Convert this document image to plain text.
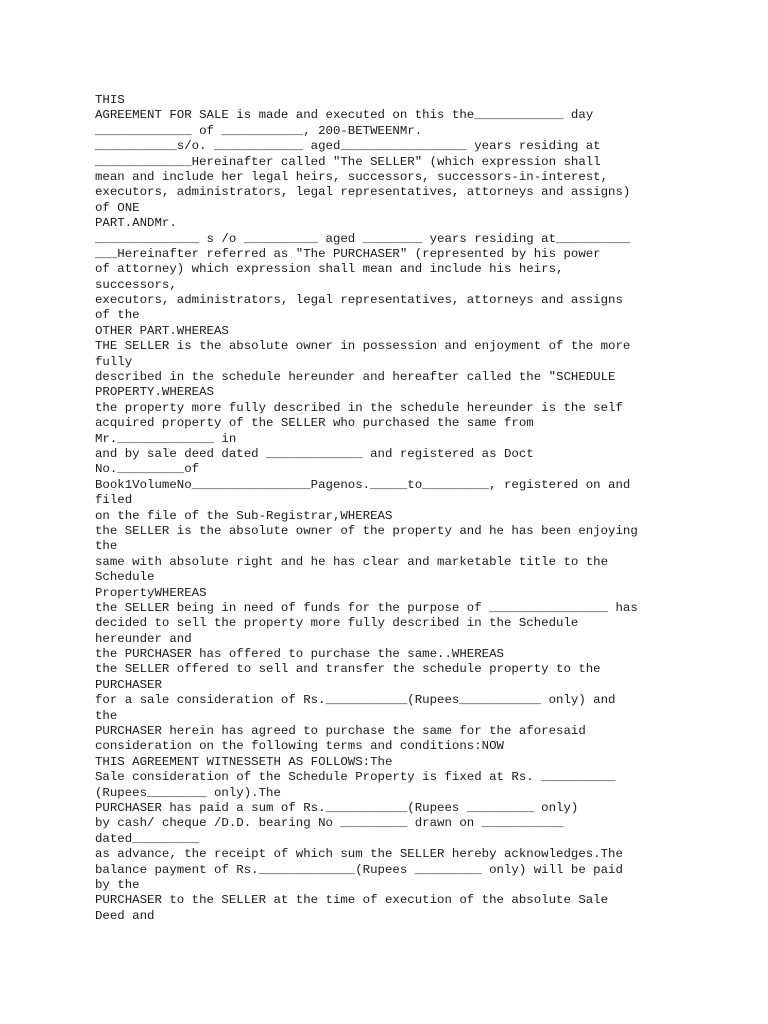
THIS
AGREEMENT FOR SALE is made and executed on this the____________ day
_____________ of ___________, 200-BETWEENMr.
___________s/o. ____________ aged_________________ years residing at
_____________Hereinafter called "The SELLER" (which expression shall
mean and include her legal heirs, successors, successors-in-interest,
executors, administrators, legal representatives, attorneys and assigns)
of ONE
PART.ANDMr.
______________ s /o __________ aged ________ years residing at__________
___Hereinafter referred as "The PURCHASER" (represented by his power
of attorney) which expression shall mean and include his heirs,
successors,
executors, administrators, legal representatives, attorneys and assigns
of the
OTHER PART.WHEREAS
THE SELLER is the absolute owner in possession and enjoyment of the more
fully
described in the schedule hereunder and hereafter called the "SCHEDULE
PROPERTY.WHEREAS
the property more fully described in the schedule hereunder is the self
acquired property of the SELLER who purchased the same from
Mr._____________ in
and by sale deed dated _____________ and registered as Doct
No._________of
Book1VolumeNo________________Pagenos._____to_________, registered on and
filed
on the file of the Sub-Registrar,WHEREAS
the SELLER is the absolute owner of the property and he has been enjoying
the
same with absolute right and he has clear and marketable title to the
Schedule
PropertyWHEREAS
the SELLER being in need of funds for the purpose of ________________ has
decided to sell the property more fully described in the Schedule
hereunder and
the PURCHASER has offered to purchase the same..WHEREAS
the SELLER offered to sell and transfer the schedule property to the
PURCHASER
for a sale consideration of Rs.___________(Rupees___________ only) and
the
PURCHASER herein has agreed to purchase the same for the aforesaid
consideration on the following terms and conditions:NOW
THIS AGREEMENT WITNESSETH AS FOLLOWS:The
Sale consideration of the Schedule Property is fixed at Rs. __________
(Rupees________ only).The
PURCHASER has paid a sum of Rs.___________(Rupees _________ only)
by cash/ cheque /D.D. bearing No _________ drawn on ___________
dated_________
as advance, the receipt of which sum the SELLER hereby acknowledges.The
balance payment of Rs._____________(Rupees _________ only) will be paid
by the
PURCHASER to the SELLER at the time of execution of the absolute Sale
Deed and
